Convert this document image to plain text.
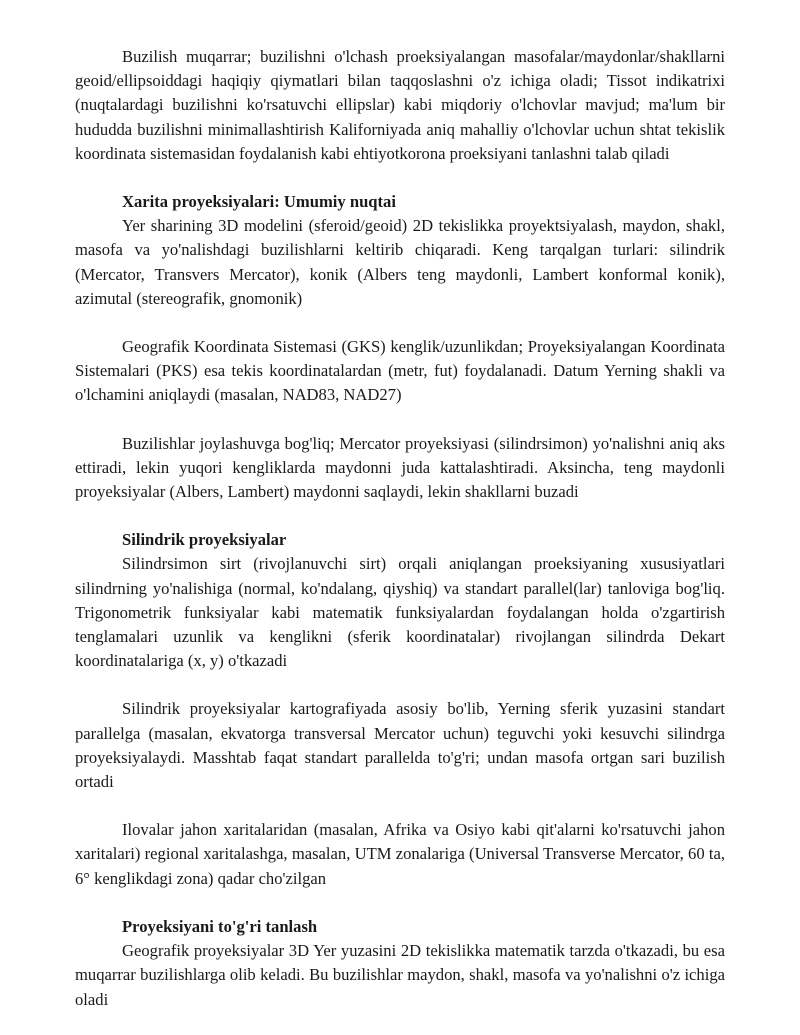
Buzilish muqarrar; buzilishni o'lchash proeksiyalangan masofalar/maydonlar/shakllarni geoid/ellipsoiddagi haqiqiy qiymatlari bilan taqqoslashni o'z ichiga oladi; Tissot indikatrixi (nuqtalardagi buzilishni ko'rsatuvchi ellipslar) kabi miqdoriy o'lchovlar mavjud; ma'lum bir hududda buzilishni minimallashtirish Kaliforniyada aniq mahalliy o'lchovlar uchun shtat tekislik koordinata sistemasidan foydalanish kabi ehtiyotkorona proeksiyani tanlashni talab qiladi

Xarita proyeksiyalari: Umumiy nuqtai

Yer sharining 3D modelini (sferoid/geoid) 2D tekislikka proyektsiyalash, maydon, shakl, masofa va yo'nalishdagi buzilishlarni keltirib chiqaradi. Keng tarqalgan turlari: silindrik (Mercator, Transvers Mercator), konik (Albers teng maydonli, Lambert konformal konik), azimutal (stereografik, gnomonik)

Geografik Koordinata Sistemasi (GKS) kenglik/uzunlikdan; Proyeksiyalangan Koordinata Sistemalari (PKS) esa tekis koordinatalardan (metr, fut) foydalanadi. Datum Yerning shakli va o'lchamini aniqlaydi (masalan, NAD83, NAD27)

Buzilishlar joylashuvga bog'liq; Mercator proyeksiyasi (silindrsimon) yo'nalishni aniq aks ettiradi, lekin yuqori kengliklarda maydonni juda kattalashtiradi. Aksincha, teng maydonli proyeksiyalar (Albers, Lambert) maydonni saqlaydi, lekin shakllarni buzadi

Silindrik proyeksiyalar

Silindrsimon sirt (rivojlanuvchi sirt) orqali aniqlangan proeksiyaning xususiyatlari silindrning yo'nalishiga (normal, ko'ndalang, qiyshiq) va standart parallel(lar) tanloviga bog'liq. Trigonometrik funksiyalar kabi matematik funksiyalardan foydalangan holda o'zgartirish tenglamalari uzunlik va kenglikni (sferik koordinatalar) rivojlangan silindrda Dekart koordinatalariga (x, y) o'tkazadi

Silindrik proyeksiyalar kartografiyada asosiy bo'lib, Yerning sferik yuzasini standart parallelga (masalan, ekvatorga transversal Mercator uchun) teguvchi yoki kesuvchi silindrga proyeksiyalaydi. Masshtab faqat standart parallelda to'g'ri; undan masofa ortgan sari buzilish ortadi

Ilovalar jahon xaritalaridan (masalan, Afrika va Osiyo kabi qit'alarni ko'rsatuvchi jahon xaritalari) regional xaritalashga, masalan, UTM zonalariga (Universal Transverse Mercator, 60 ta, 6° kenglikdagi zona) qadar cho'zilgan

Proyeksiyani to'g'ri tanlash

Geografik proyeksiyalar 3D Yer yuzasini 2D tekislikka matematik tarzda o'tkazadi, bu esa muqarrar buzilishlarga olib keladi. Bu buzilishlar maydon, shakl, masofa va yo'nalishni o'z ichiga oladi
